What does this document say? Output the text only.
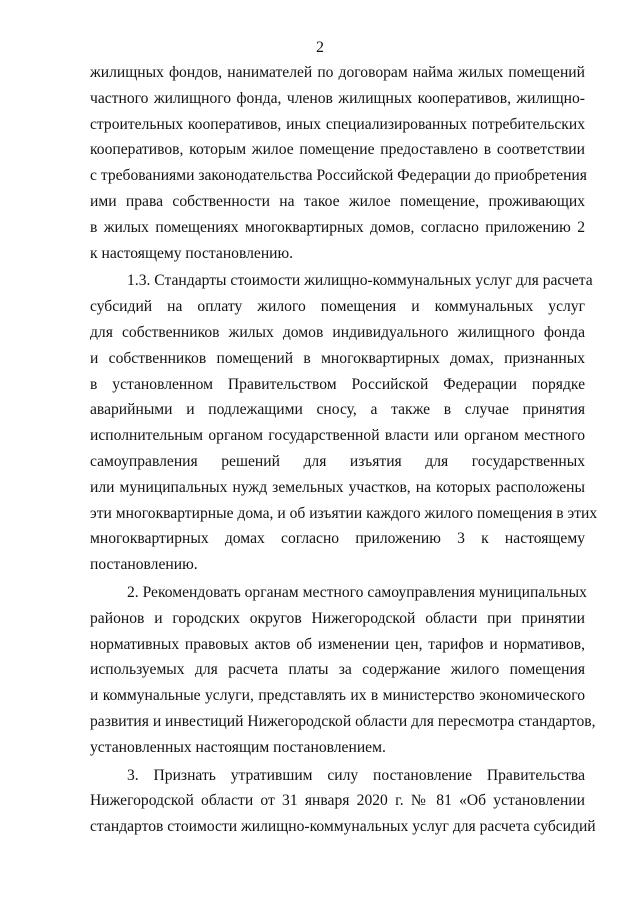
2

жилищных фондов, нанимателей по договорам найма жилых помещений
частного жилищного фонда, членов жилищных кооперативов, жилищно-
строительных кооперативов, иных специализированных потребительских
кооперативов, которым жилое помещение предоставлено в соответствии
с требованиями законодательства Российской Федерации до приобретения
ими права собственности на такое жилое помещение, проживающих
в жилых помещениях многоквартирных домов, согласно приложению 2
к настоящему постановлению.

1.3. Стандарты стоимости жилищно-коммунальных услуг для расчета
субсидий на оплату жилого помещения и коммунальных услуг
для собственников жилых домов индивидуального жилищного фонда
и собственников помещений в многоквартирных домах, признанных
в установленном Правительством Российской Федерации порядке
аварийными и подлежащими сносу, а также в случае принятия
исполнительным органом государственной власти или органом местного
самоуправления решений для изъятия для государственных
или муниципальных нужд земельных участков, на которых расположены
эти многоквартирные дома, и об изъятии каждого жилого помещения в этих
многоквартирных домах согласно приложению 3 к настоящему
постановлению.

2. Рекомендовать органам местного самоуправления муниципальных
районов и городских округов Нижегородской области при принятии
нормативных правовых актов об изменении цен, тарифов и нормативов,
используемых для расчета платы за содержание жилого помещения
и коммунальные услуги, представлять их в министерство экономического
развития и инвестиций Нижегородской области для пересмотра стандартов,
установленных настоящим постановлением.

3. Признать утратившим силу постановление Правительства
Нижегородской области от 31 января 2020 г. № 81 «Об установлении
стандартов стоимости жилищно-коммунальных услуг для расчета субсидий
